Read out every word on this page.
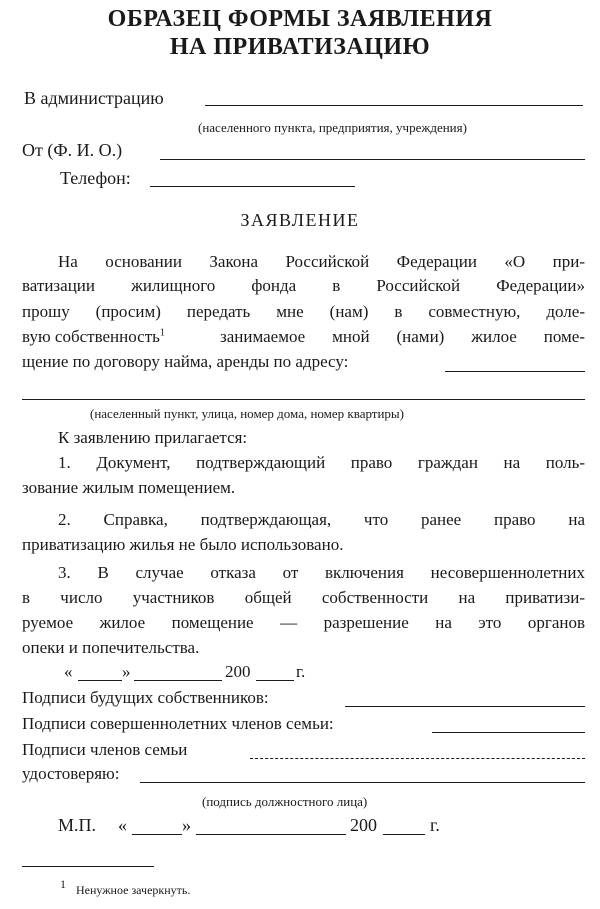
ОБРАЗЕЦ ФОРМЫ ЗАЯВЛЕНИЯ
НА ПРИВАТИЗАЦИЮ
В администрацию
(населенного пункта, предприятия, учреждения)
От (Ф. И. О.)
Телефон:
ЗАЯВЛЕНИЕ
На основании Закона Российской Федерации «О при-
ватизации жилищного фонда в Российской Федерации»
прошу (просим) передать мне (нам) в совместную, доле-
вую собственность$^1$	занимаемое мной (нами) жилое поме-
щение по договору найма, аренды по адресу:
(населенный пункт, улица, номер дома, номер квартиры)
К заявлению прилагается:
1. Документ, подтверждающий право граждан на поль-
зование жилым помещением.
2. Справка, подтверждающая, что ранее право на
приватизацию жилья не было использовано.
3. В случае отказа от включения несовершеннолетних
в число участников общей собственности на приватизи-
руемое жилое помещение — разрешение на это органов
опеки и попечительства.
«	»	200	г.
Подписи будущих собственников:
Подписи совершеннолетних членов семьи:
Подписи членов семьи
удостоверяю:
(подпись должностного лица)
М.П. «	»	200	г.
$^1$ Ненужное зачеркнуть.
